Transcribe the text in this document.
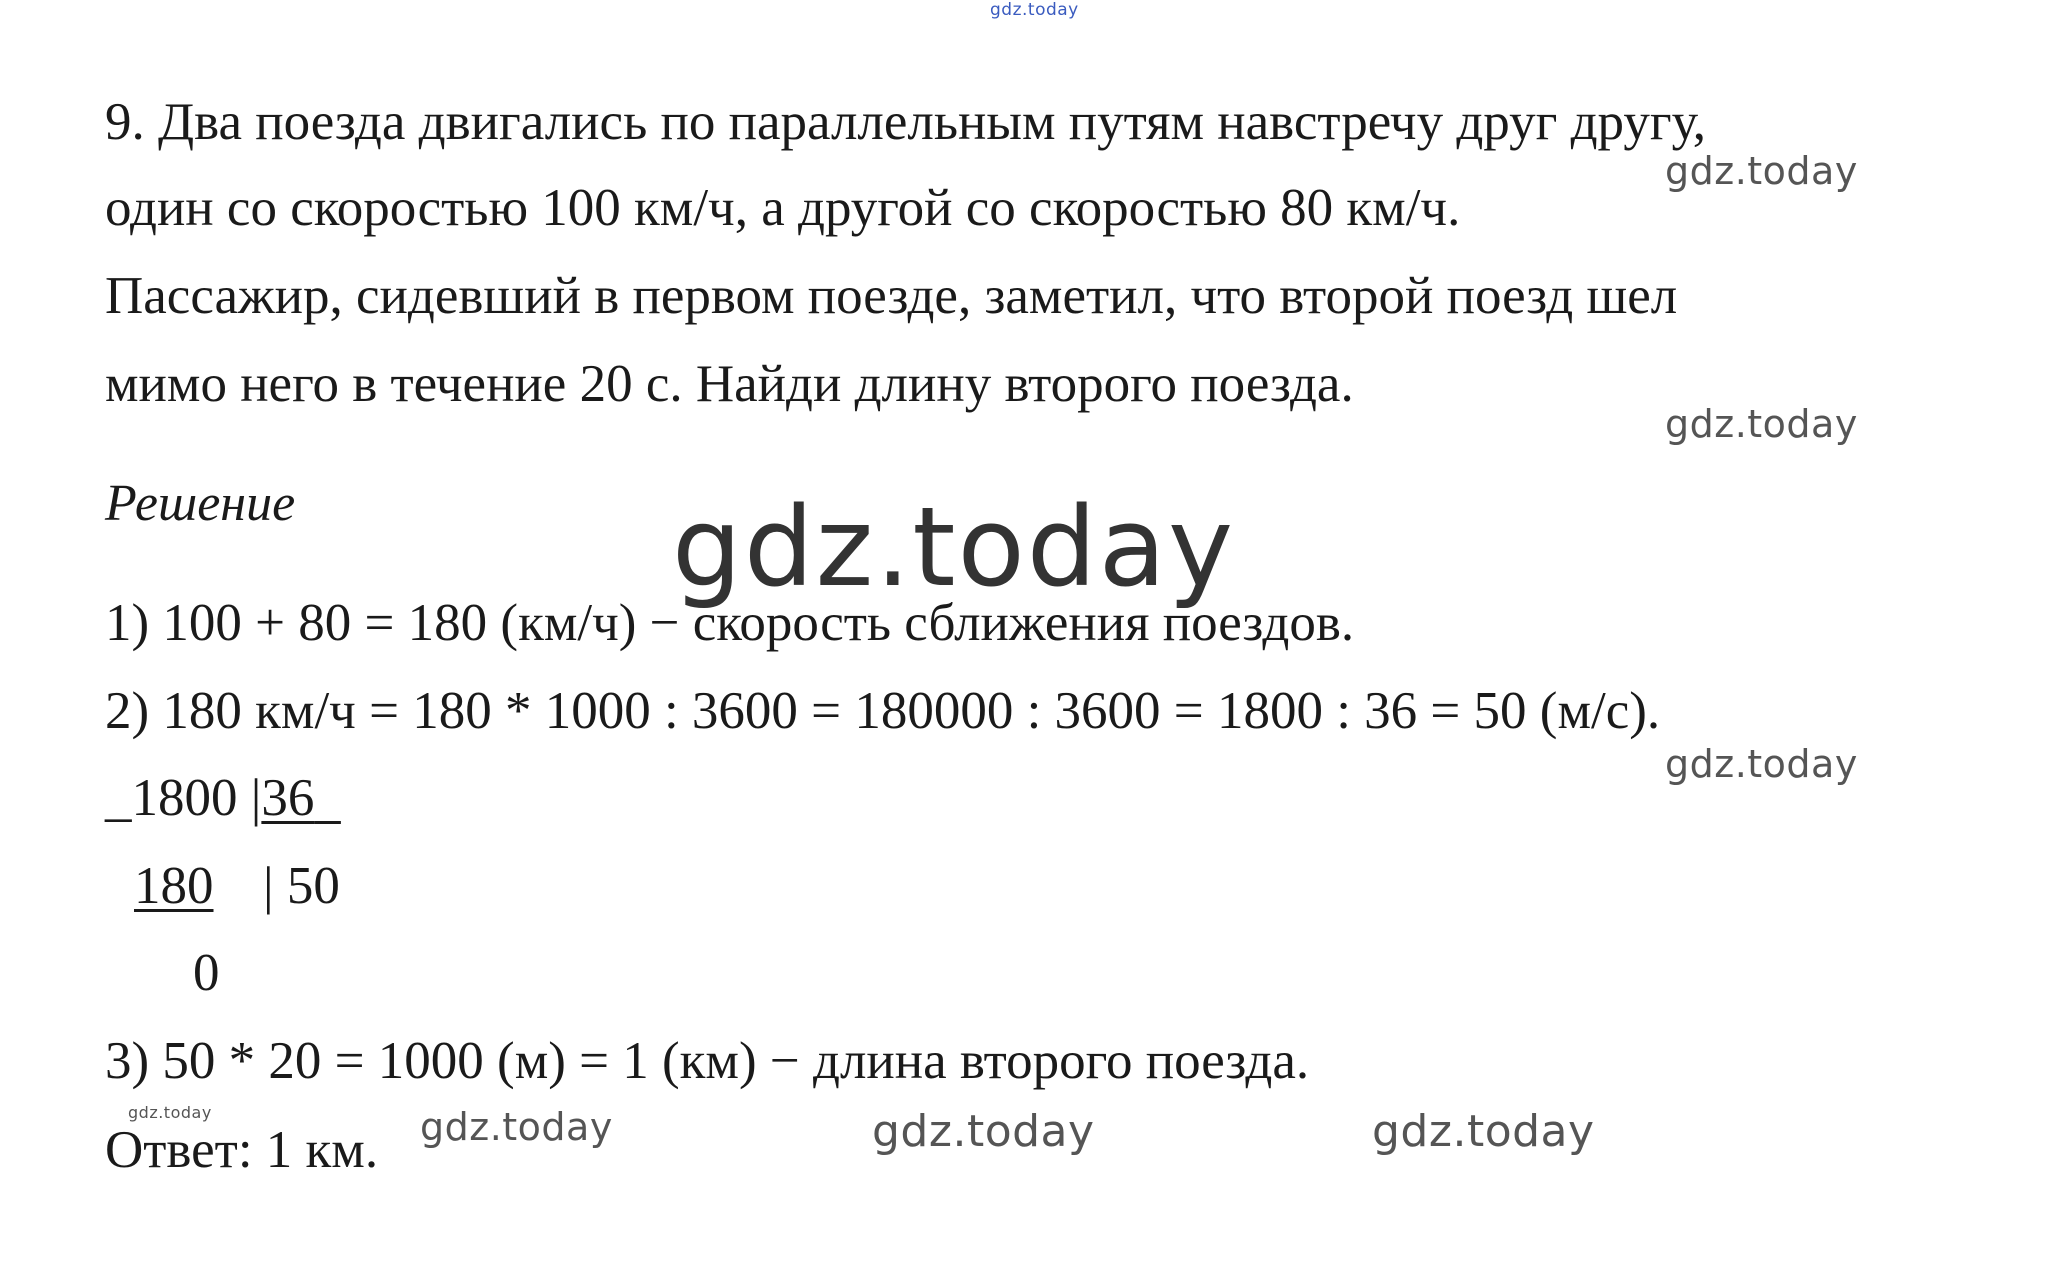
gdz.today
gdz.today
gdz.today
gdz.today
gdz.today
gdz.today	gdz.today	gdz.today	gdz.today
9. Два поезда двигались по параллельным путям навстречу друг другу,
один со скоростью 100 км/ч, а другой со скоростью 80 км/ч.
Пассажир, сидевший в первом поезде, заметил, что второй поезд шел
мимо него в течение 20 с. Найди длину второго поезда.
Решение
1) 100 + 80 = 180 (км/ч) − скорость сближения поездов.
2) 180 км/ч = 180 * 1000 : 3600 = 180000 : 3600 = 1800 : 36 = 50 (м/с).
_1800 |36
180 | 50
0
3) 50 * 20 = 1000 (м) = 1 (км) − длина второго поезда.
Ответ: 1 км.
